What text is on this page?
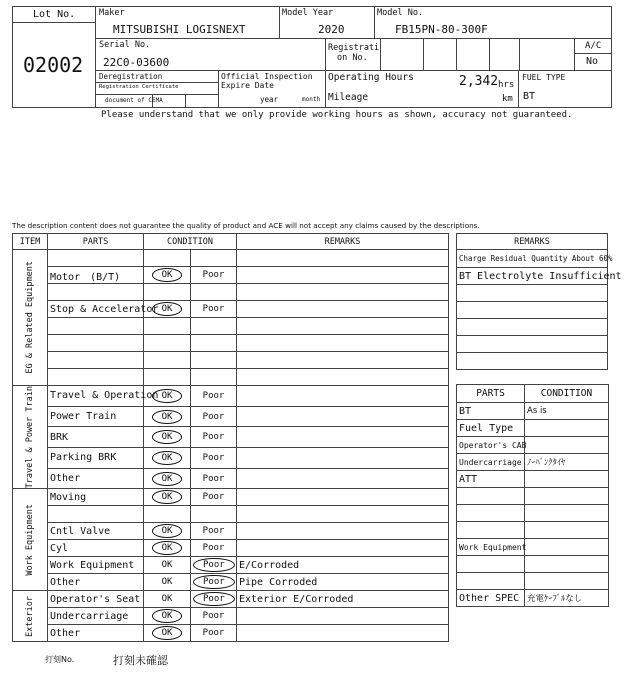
Lot No.
02002
Maker
MITSUBISHI LOGISNEXT
Model Year
2020
Model No.
FB15PN-80-300F
Serial No.
22C0-03600
Registrati
on No.
A/C
No
Deregistration
Registration Certificate
document of CEMA
Official Inspection
Expire Date
year	month
Operating Hours	2,342 hrs
Mileage	km
FUEL TYPE
BT
Please understand that we only provide working hours as shown, accuracy not guaranteed.
The description content does not guarantee the quality of product and ACE will not accept any claims caused by the descriptions.
ITEM	PARTS	CONDITION		REMARKS

EG & Related Equipment				

	Motor　(B/T)	OK	Poor	

	Stop & Accelerator	OK	Poor	

Travel & Power Train	Travel & Operation	OK	Poor	
	Power Train	OK	Poor	
	BRK	OK	Poor	
	Parking BRK	OK	Poor	
	Other	OK	Poor	

Work Equipment	Moving	OK	Poor	

	Cntl Valve	OK	Poor	
	Cyl	OK	Poor	
	Work Equipment	OK	Poor	E/Corroded
	Other	OK	Poor	Pipe Corroded

Exterior	Operator's Seat	OK	Poor	Exterior E/Corroded
	Undercarriage	OK	Poor	
	Other	OK	Poor	
REMARKS
Charge Residual Quantity About 60%
BT Electrolyte Insufficient

PARTS	CONDITION
BT	As is
Fuel Type	
Operator's CAB	
Undercarriage	ﾉｰﾊﾞﾝｸﾀｲﾔ
ATT	

Work Equipment	

Other SPEC	充電ｹｰﾌﾞﾙなし
打刻No.	打刻未確認
